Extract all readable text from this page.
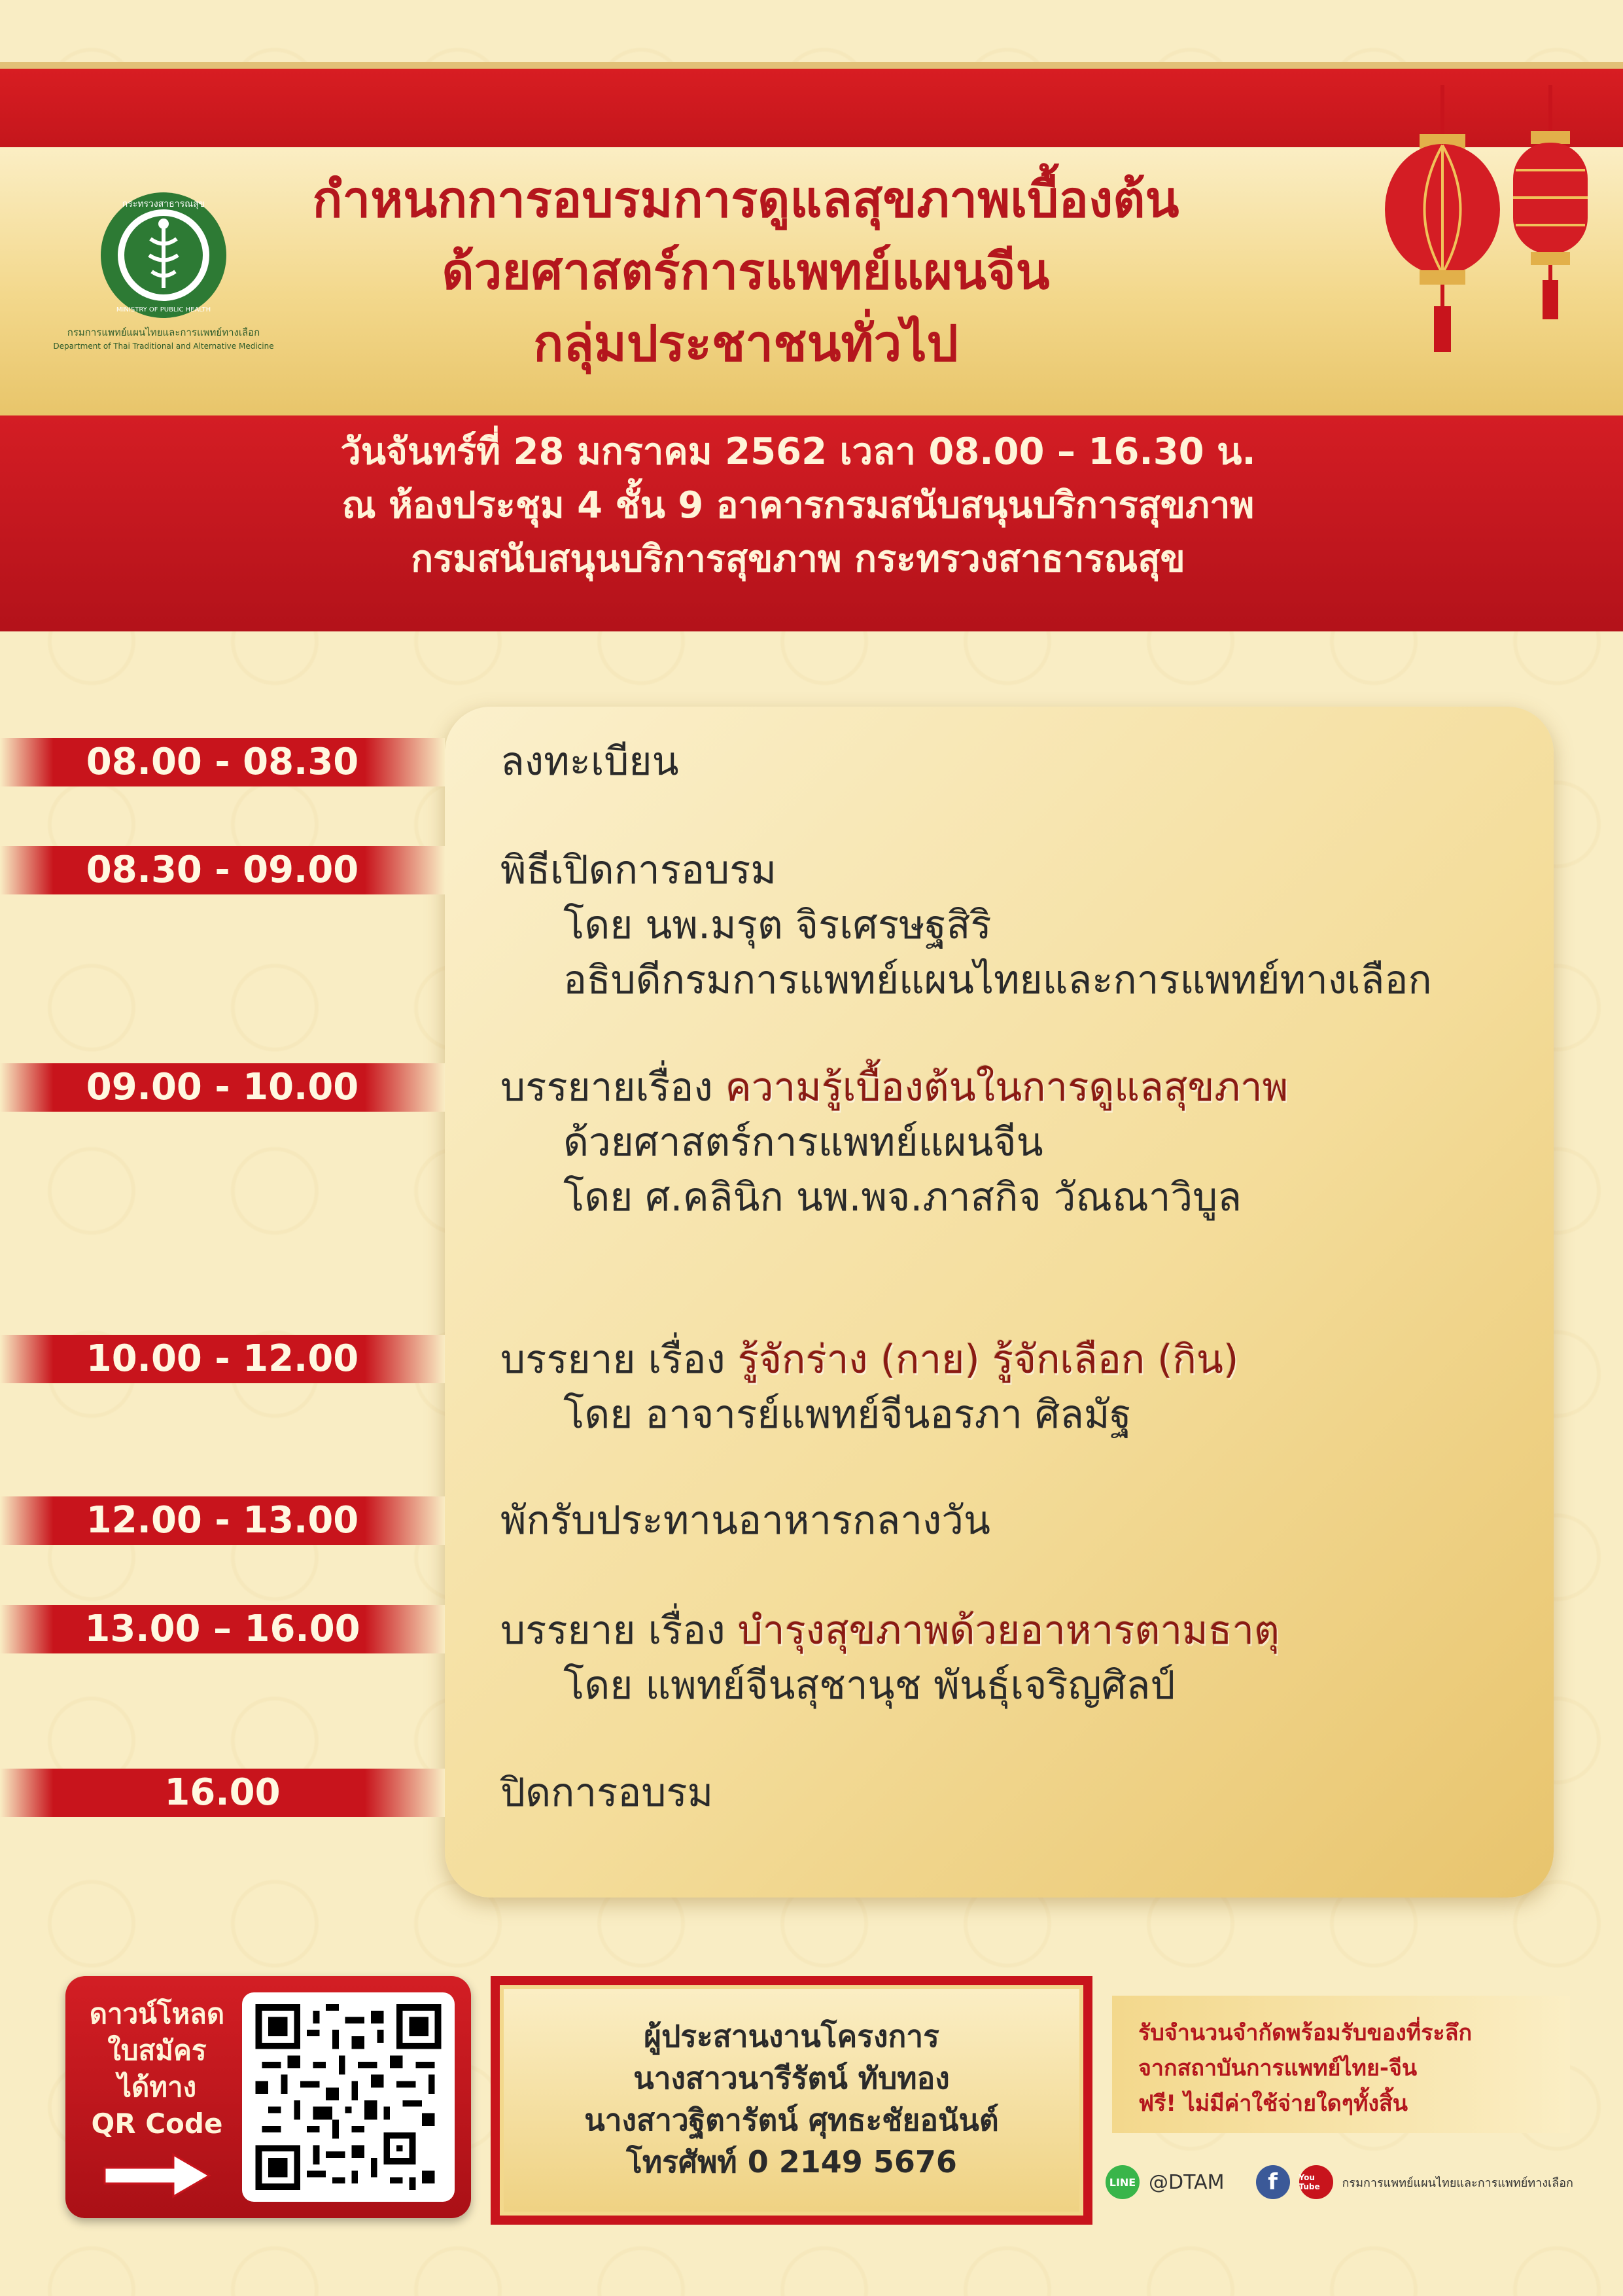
กระทรวงสาธารณสุข
MINISTRY OF PUBLIC HEALTH
กรมการแพทย์แผนไทยและการแพทย์ทางเลือก
Department of Thai Traditional and Alternative Medicine
กำหนกการอบรมการดูแลสุขภาพเบื้องต้น
ด้วยศาสตร์การแพทย์แผนจีน
กลุ่มประชาชนทั่วไป
วันจันทร์ที่ 28 มกราคม 2562 เวลา 08.00 – 16.30 น.
ณ ห้องประชุม 4 ชั้น 9 อาคารกรมสนับสนุนบริการสุขภาพ
กรมสนับสนุนบริการสุขภาพ กระทรวงสาธารณสุข
08.00 - 08.30	ลงทะเบียน
08.30 - 09.00	พิธีเปิดการอบรม
โดย นพ.มรุต จิรเศรษฐสิริ
อธิบดีกรมการแพทย์แผนไทยและการแพทย์ทางเลือก
09.00 - 10.00	บรรยายเรื่อง ความรู้เบื้องต้นในการดูแลสุขภาพ
ด้วยศาสตร์การแพทย์แผนจีน
โดย ศ.คลินิก นพ.พจ.ภาสกิจ วัณณาวิบูล
10.00 - 12.00	บรรยาย เรื่อง รู้จักร่าง (กาย) รู้จักเลือก (กิน)
โดย อาจารย์แพทย์จีนอรภา ศิลมัฐ
12.00 - 13.00	พักรับประทานอาหารกลางวัน
13.00 – 16.00	บรรยาย เรื่อง บำรุงสุขภาพด้วยอาหารตามธาตุ
โดย แพทย์จีนสุชานุช พันธุ์เจริญศิลป์
16.00	ปิดการอบรม
ดาวน์โหลด
ใบสมัคร
ได้ทาง
QR Code
ผู้ประสานงานโครงการ
นางสาวนารีรัตน์ ทับทอง
นางสาวฐิตารัตน์ ศุทธะชัยอนันต์
โทรศัพท์ 0 2149 5676
รับจำนวนจำกัดพร้อมรับของที่ระลึก
จากสถาบันการแพทย์ไทย-จีน
ฟรี! ไม่มีค่าใช้จ่ายใดๆทั้งสิ้น
LINE @DTAM	f	You Tube	กรมการแพทย์แผนไทยและการแพทย์ทางเลือก
